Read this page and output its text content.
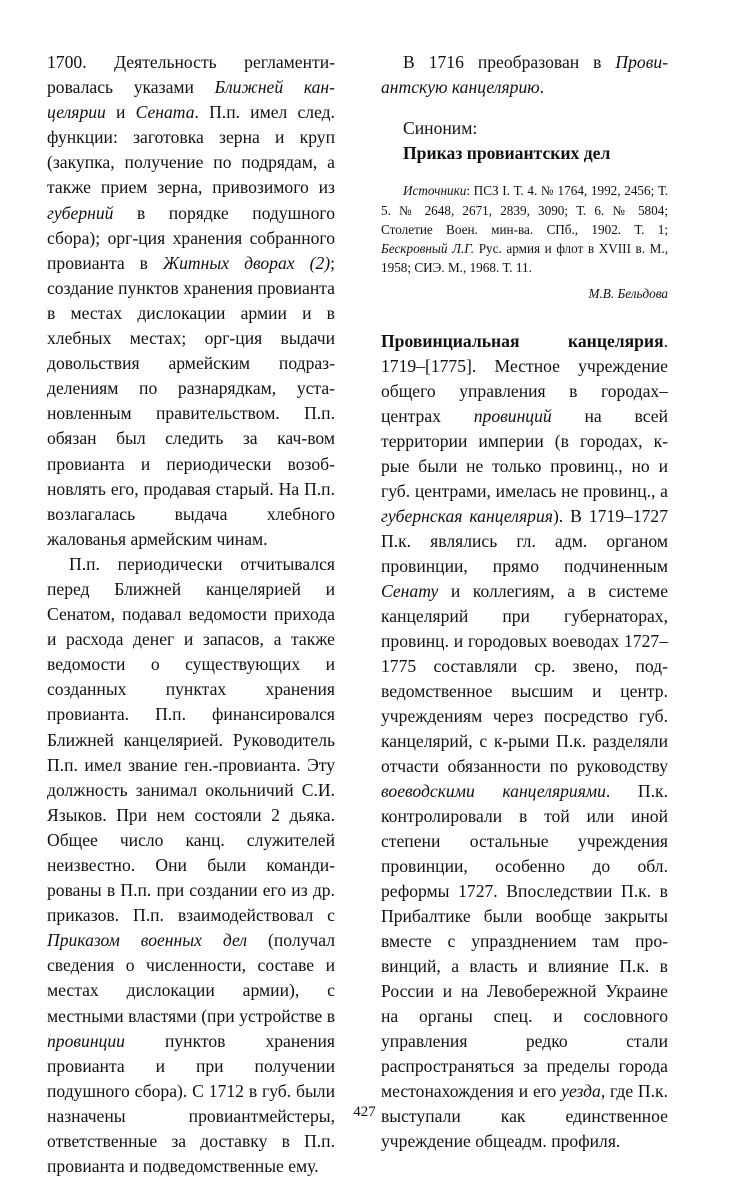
1700. Деятельность регламентировалась указами Ближней канцелярии и Сената. П.п. имел след. функции: заготовка зерна и круп (закупка, получение по подрядам, а также прием зерна, привозимого из губерний в порядке подушного сбора); орг-ция хранения собранного провианта в Житных дворах (2); создание пунктов хранения провианта в местах дислокации армии и в хлебных местах; орг-ция выдачи довольствия армейским подразделениям по разнарядкам, установленным правительством. П.п. обязан был следить за кач-вом провианта и периодически возобновлять его, продавая старый. На П.п. возлагалась выдача хлебного жалованья армейским чинам.

П.п. периодически отчитывался перед Ближней канцелярией и Сенатом, подавал ведомости прихода и расхода денег и запасов, а также ведомости о существующих и созданных пунктах хранения провианта. П.п. финансировался Ближней канцелярией. Руководитель П.п. имел звание ген.-провианта. Эту должность занимал окольничий С.И. Языков. При нем состояли 2 дьяка. Общее число канц. служителей неизвестно. Они были командированы в П.п. при создании его из др. приказов. П.п. взаимодействовал с Приказом военных дел (получал сведения о численности, составе и местах дислокации армии), с местными властями (при устройстве в провинции пунктов хранения провианта и при получении подушного сбора). С 1712 в губ. были назначены провиантмейстеры, ответственные за доставку в П.п. провианта и подведомственные ему.

В 1716 преобразован в Провиантскую канцелярию.

Синоним:

Приказ провиантских дел

Источники: ПСЗ I. Т. 4. № 1764, 1992, 2456; Т. 5. № 2648, 2671, 2839, 3090; Т. 6. № 5804; Столетие Воен. мин-ва. СПб., 1902. Т. 1; Бескровный Л.Г. Рус. армия и флот в XVIII в. М., 1958; СИЭ. М., 1968. Т. 11.

М.В. Бельдова

Провинциальная канцелярия. 1719–[1775]. Местное учреждение общего управления в городах–центрах провинций на всей территории империи (в городах, к-рые были не только провинц., но и губ. центрами, имелась не провинц., а губернская канцелярия). В 1719–1727 П.к. являлись гл. адм. органом провинции, прямо подчиненным Сенату и коллегиям, а в системе канцелярий при губернаторах, провинц. и городовых воеводах 1727–1775 составляли ср. звено, подведомственное высшим и центр. учреждениям через посредство губ. канцелярий, с к-рыми П.к. разделяли отчасти обязанности по руководству воеводскими канцеляриями. П.к. контролировали в той или иной степени остальные учреждения провинции, особенно до обл. реформы 1727. Впоследствии П.к. в Прибалтике были вообще закрыты вместе с упразднением там провинций, а власть и влияние П.к. в России и на Левобережной Украине на органы спец. и сословного управления редко стали распространяться за пределы города местонахождения и его уезда, где П.к. выступали как единственное учреждение общеадм. профиля.

427
